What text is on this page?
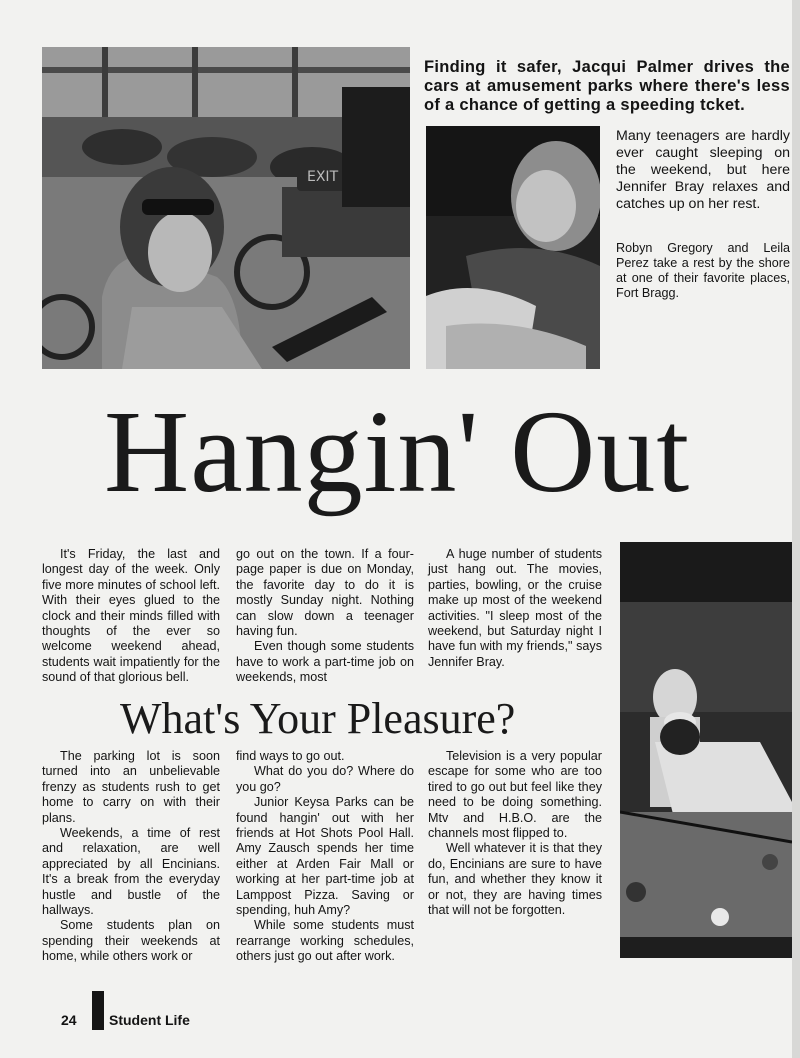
EXIT
Finding it safer, Jacqui Palmer drives the cars at amusement parks where there's less of a chance of getting a speeding tcket.
Many teenagers are hardly ever caught sleeping on the weekend, but here Jennifer Bray relaxes and catches up on her rest.
Robyn Gregory and Leila Perez take a rest by the shore at one of their favorite places, Fort Bragg.
Hangin' Out

It's Friday, the last and longest day of the week. Only five more minutes of school left. With their eyes glued to the clock and their minds filled with thoughts of the ever so welcome weekend ahead, students wait impatiently for the sound of that glorious bell.

go out on the town. If a four-page paper is due on Monday, the favorite day to do it is mostly Sunday night. Nothing can slow down a teenager having fun.

Even though some students have to work a part-time job on weekends, most

A huge number of students just hang out. The movies, parties, bowling, or the cruise make up most of the weekend activities. "I sleep most of the weekend, but Saturday night I have fun with my friends," says Jennifer Bray.

What's Your Pleasure?

The parking lot is soon turned into an unbelievable frenzy as students rush to get home to carry on with their plans.

Weekends, a time of rest and relaxation, are well appreciated by all Encinians. It's a break from the everyday hustle and bustle of the hallways.

Some students plan on spending their weekends at home, while others work or

find ways to go out.

What do you do? Where do you go?

Junior Keysa Parks can be found hangin' out with her friends at Hot Shots Pool Hall. Amy Zausch spends her time either at Arden Fair Mall or working at her part-time job at Lamppost Pizza. Saving or spending, huh Amy?

While some students must rearrange working schedules, others just go out after work.

Television is a very popular escape for some who are too tired to go out but feel like they need to be doing something. Mtv and H.B.O. are the channels most flipped to.

Well whatever it is that they do, Encinians are sure to have fun, and whether they know it or not, they are having times that will not be forgotten.

24 Student Life
